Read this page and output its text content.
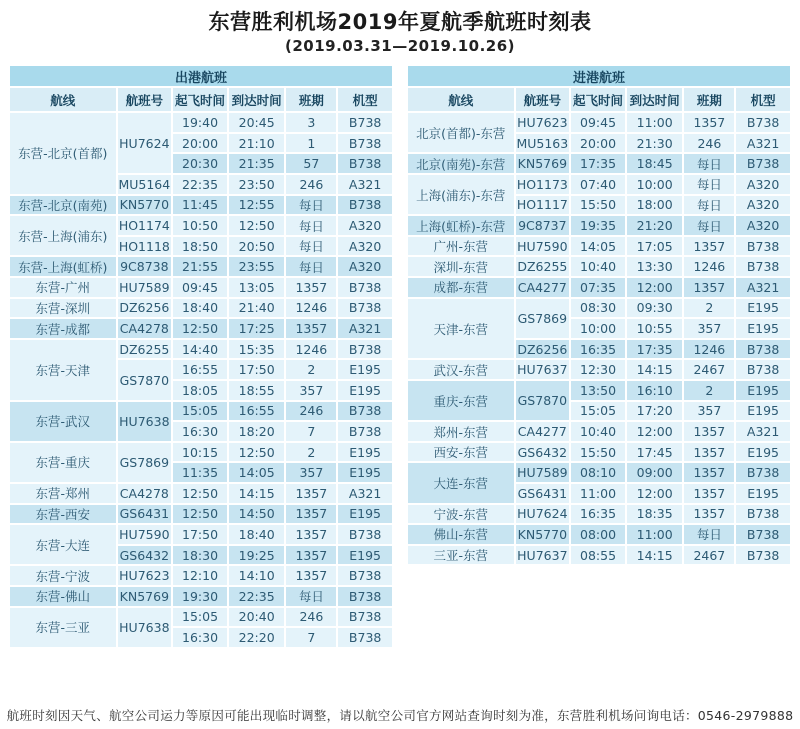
东营胜利机场2019年夏航季航班时刻表
(2019.03.31—2019.10.26)
出港航班					
航线	航班号	起飞时间	到达时间	班期	机型
东营-北京(首都)	HU7624	19:40	20:45	3	B738
		20:00	21:10	1	B738
		20:30	21:35	57	B738
	MU5164	22:35	23:50	246	A321
东营-北京(南苑)	KN5770	11:45	12:55	每日	B738
东营-上海(浦东)	HO1174	10:50	12:50	每日	A320
	HO1118	18:50	20:50	每日	A320
东营-上海(虹桥)	9C8738	21:55	23:55	每日	A320
东营-广州	HU7589	09:45	13:05	1357	B738
东营-深圳	DZ6256	18:40	21:40	1246	B738
东营-成都	CA4278	12:50	17:25	1357	A321
东营-天津	DZ6255	14:40	15:35	1246	B738
	GS7870	16:55	17:50	2	E195
		18:05	18:55	357	E195
东营-武汉	HU7638	15:05	16:55	246	B738
		16:30	18:20	7	B738
东营-重庆	GS7869	10:15	12:50	2	E195
		11:35	14:05	357	E195
东营-郑州	CA4278	12:50	14:15	1357	A321
东营-西安	GS6431	12:50	14:50	1357	E195
东营-大连	HU7590	17:50	18:40	1357	B738
	GS6432	18:30	19:25	1357	E195
东营-宁波	HU7623	12:10	14:10	1357	B738
东营-佛山	KN5769	19:30	22:35	每日	B738
东营-三亚	HU7638	15:05	20:40	246	B738
		16:30	22:20	7	B738
进港航班					
航线	航班号	起飞时间	到达时间	班期	机型
北京(首都)-东营	HU7623	09:45	11:00	1357	B738
	MU5163	20:00	21:30	246	A321
北京(南苑)-东营	KN5769	17:35	18:45	每日	B738
上海(浦东)-东营	HO1173	07:40	10:00	每日	A320
	HO1117	15:50	18:00	每日	A320
上海(虹桥)-东营	9C8737	19:35	21:20	每日	A320
广州-东营	HU7590	14:05	17:05	1357	B738
深圳-东营	DZ6255	10:40	13:30	1246	B738
成都-东营	CA4277	07:35	12:00	1357	A321
天津-东营	GS7869	08:30	09:30	2	E195
		10:00	10:55	357	E195
	DZ6256	16:35	17:35	1246	B738
武汉-东营	HU7637	12:30	14:15	2467	B738
重庆-东营	GS7870	13:50	16:10	2	E195
		15:05	17:20	357	E195
郑州-东营	CA4277	10:40	12:00	1357	A321
西安-东营	GS6432	15:50	17:45	1357	E195
大连-东营	HU7589	08:10	09:00	1357	B738
	GS6431	11:00	12:00	1357	E195
宁波-东营	HU7624	16:35	18:35	1357	B738
佛山-东营	KN5770	08:00	11:00	每日	B738
三亚-东营	HU7637	08:55	14:15	2467	B738
航班时刻因天气、航空公司运力等原因可能出现临时调整，请以航空公司官方网站查询时刻为准，东营胜利机场问询电话：0546-2979888
